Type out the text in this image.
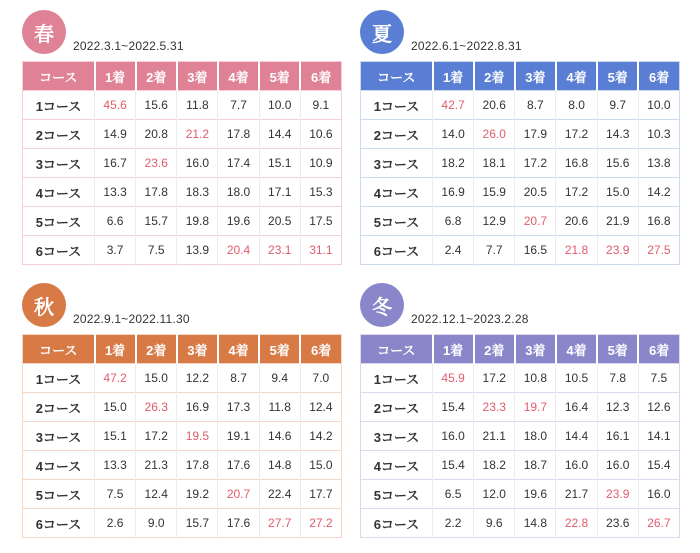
春
2022.3.1~2022.5.31
コース	1着	2着	3着	4着	5着	6着
1コース	45.6	15.6	11.8	7.7	10.0	9.1
2コース	14.9	20.8	21.2	17.8	14.4	10.6
3コース	16.7	23.6	16.0	17.4	15.1	10.9
4コース	13.3	17.8	18.3	18.0	17.1	15.3
5コース	6.6	15.7	19.8	19.6	20.5	17.5
6コース	3.7	7.5	13.9	20.4	23.1	31.1
夏
2022.6.1~2022.8.31
コース	1着	2着	3着	4着	5着	6着
1コース	42.7	20.6	8.7	8.0	9.7	10.0
2コース	14.0	26.0	17.9	17.2	14.3	10.3
3コース	18.2	18.1	17.2	16.8	15.6	13.8
4コース	16.9	15.9	20.5	17.2	15.0	14.2
5コース	6.8	12.9	20.7	20.6	21.9	16.8
6コース	2.4	7.7	16.5	21.8	23.9	27.5
秋
2022.9.1~2022.11.30
コース	1着	2着	3着	4着	5着	6着
1コース	47.2	15.0	12.2	8.7	9.4	7.0
2コース	15.0	26.3	16.9	17.3	11.8	12.4
3コース	15.1	17.2	19.5	19.1	14.6	14.2
4コース	13.3	21.3	17.8	17.6	14.8	15.0
5コース	7.5	12.4	19.2	20.7	22.4	17.7
6コース	2.6	9.0	15.7	17.6	27.7	27.2
冬
2022.12.1~2023.2.28
コース	1着	2着	3着	4着	5着	6着
1コース	45.9	17.2	10.8	10.5	7.8	7.5
2コース	15.4	23.3	19.7	16.4	12.3	12.6
3コース	16.0	21.1	18.0	14.4	16.1	14.1
4コース	15.4	18.2	18.7	16.0	16.0	15.4
5コース	6.5	12.0	19.6	21.7	23.9	16.0
6コース	2.2	9.6	14.8	22.8	23.6	26.7
